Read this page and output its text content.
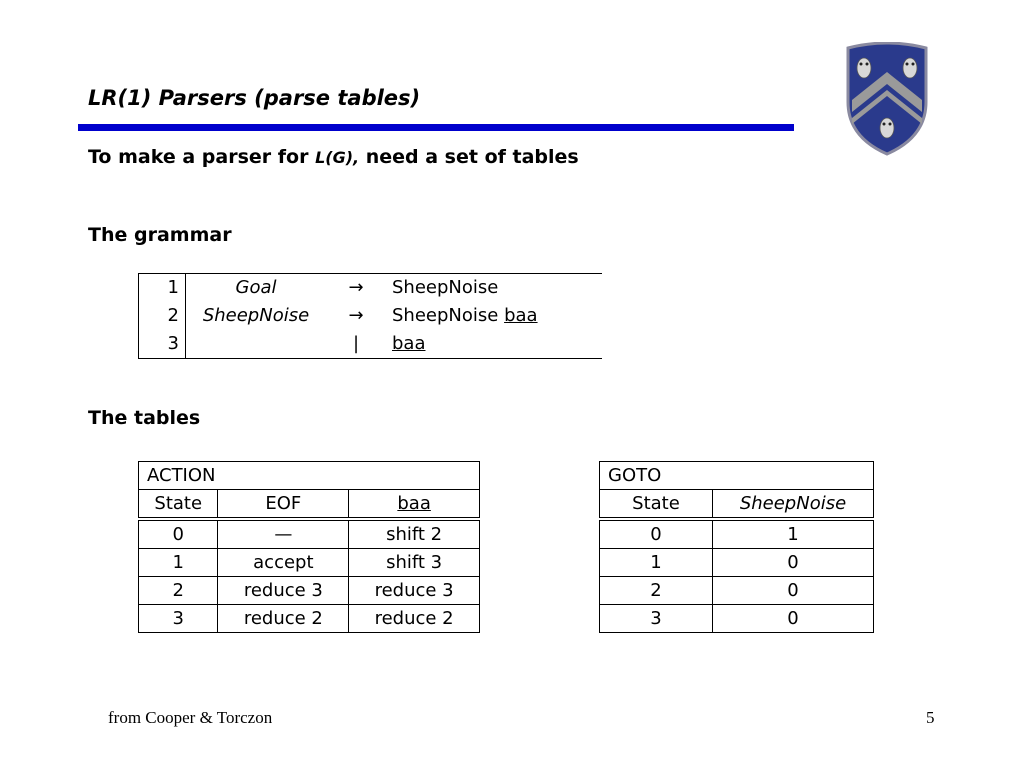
LR(1) Parsers (parse tables)
To make a parser for L(G), need a set of tables
The grammar
1	Goal	→	SheepNoise
2	SheepNoise	→	SheepNoise baa
3		|	baa
The tables
ACTION		
State	EOF	baa
0	—	shift 2
1	accept	shift 3
2	reduce 3	reduce 3
3	reduce 2	reduce 2
GOTO	
State	SheepNoise
0	1
1	0
2	0
3	0
from Cooper & Torczon	5
